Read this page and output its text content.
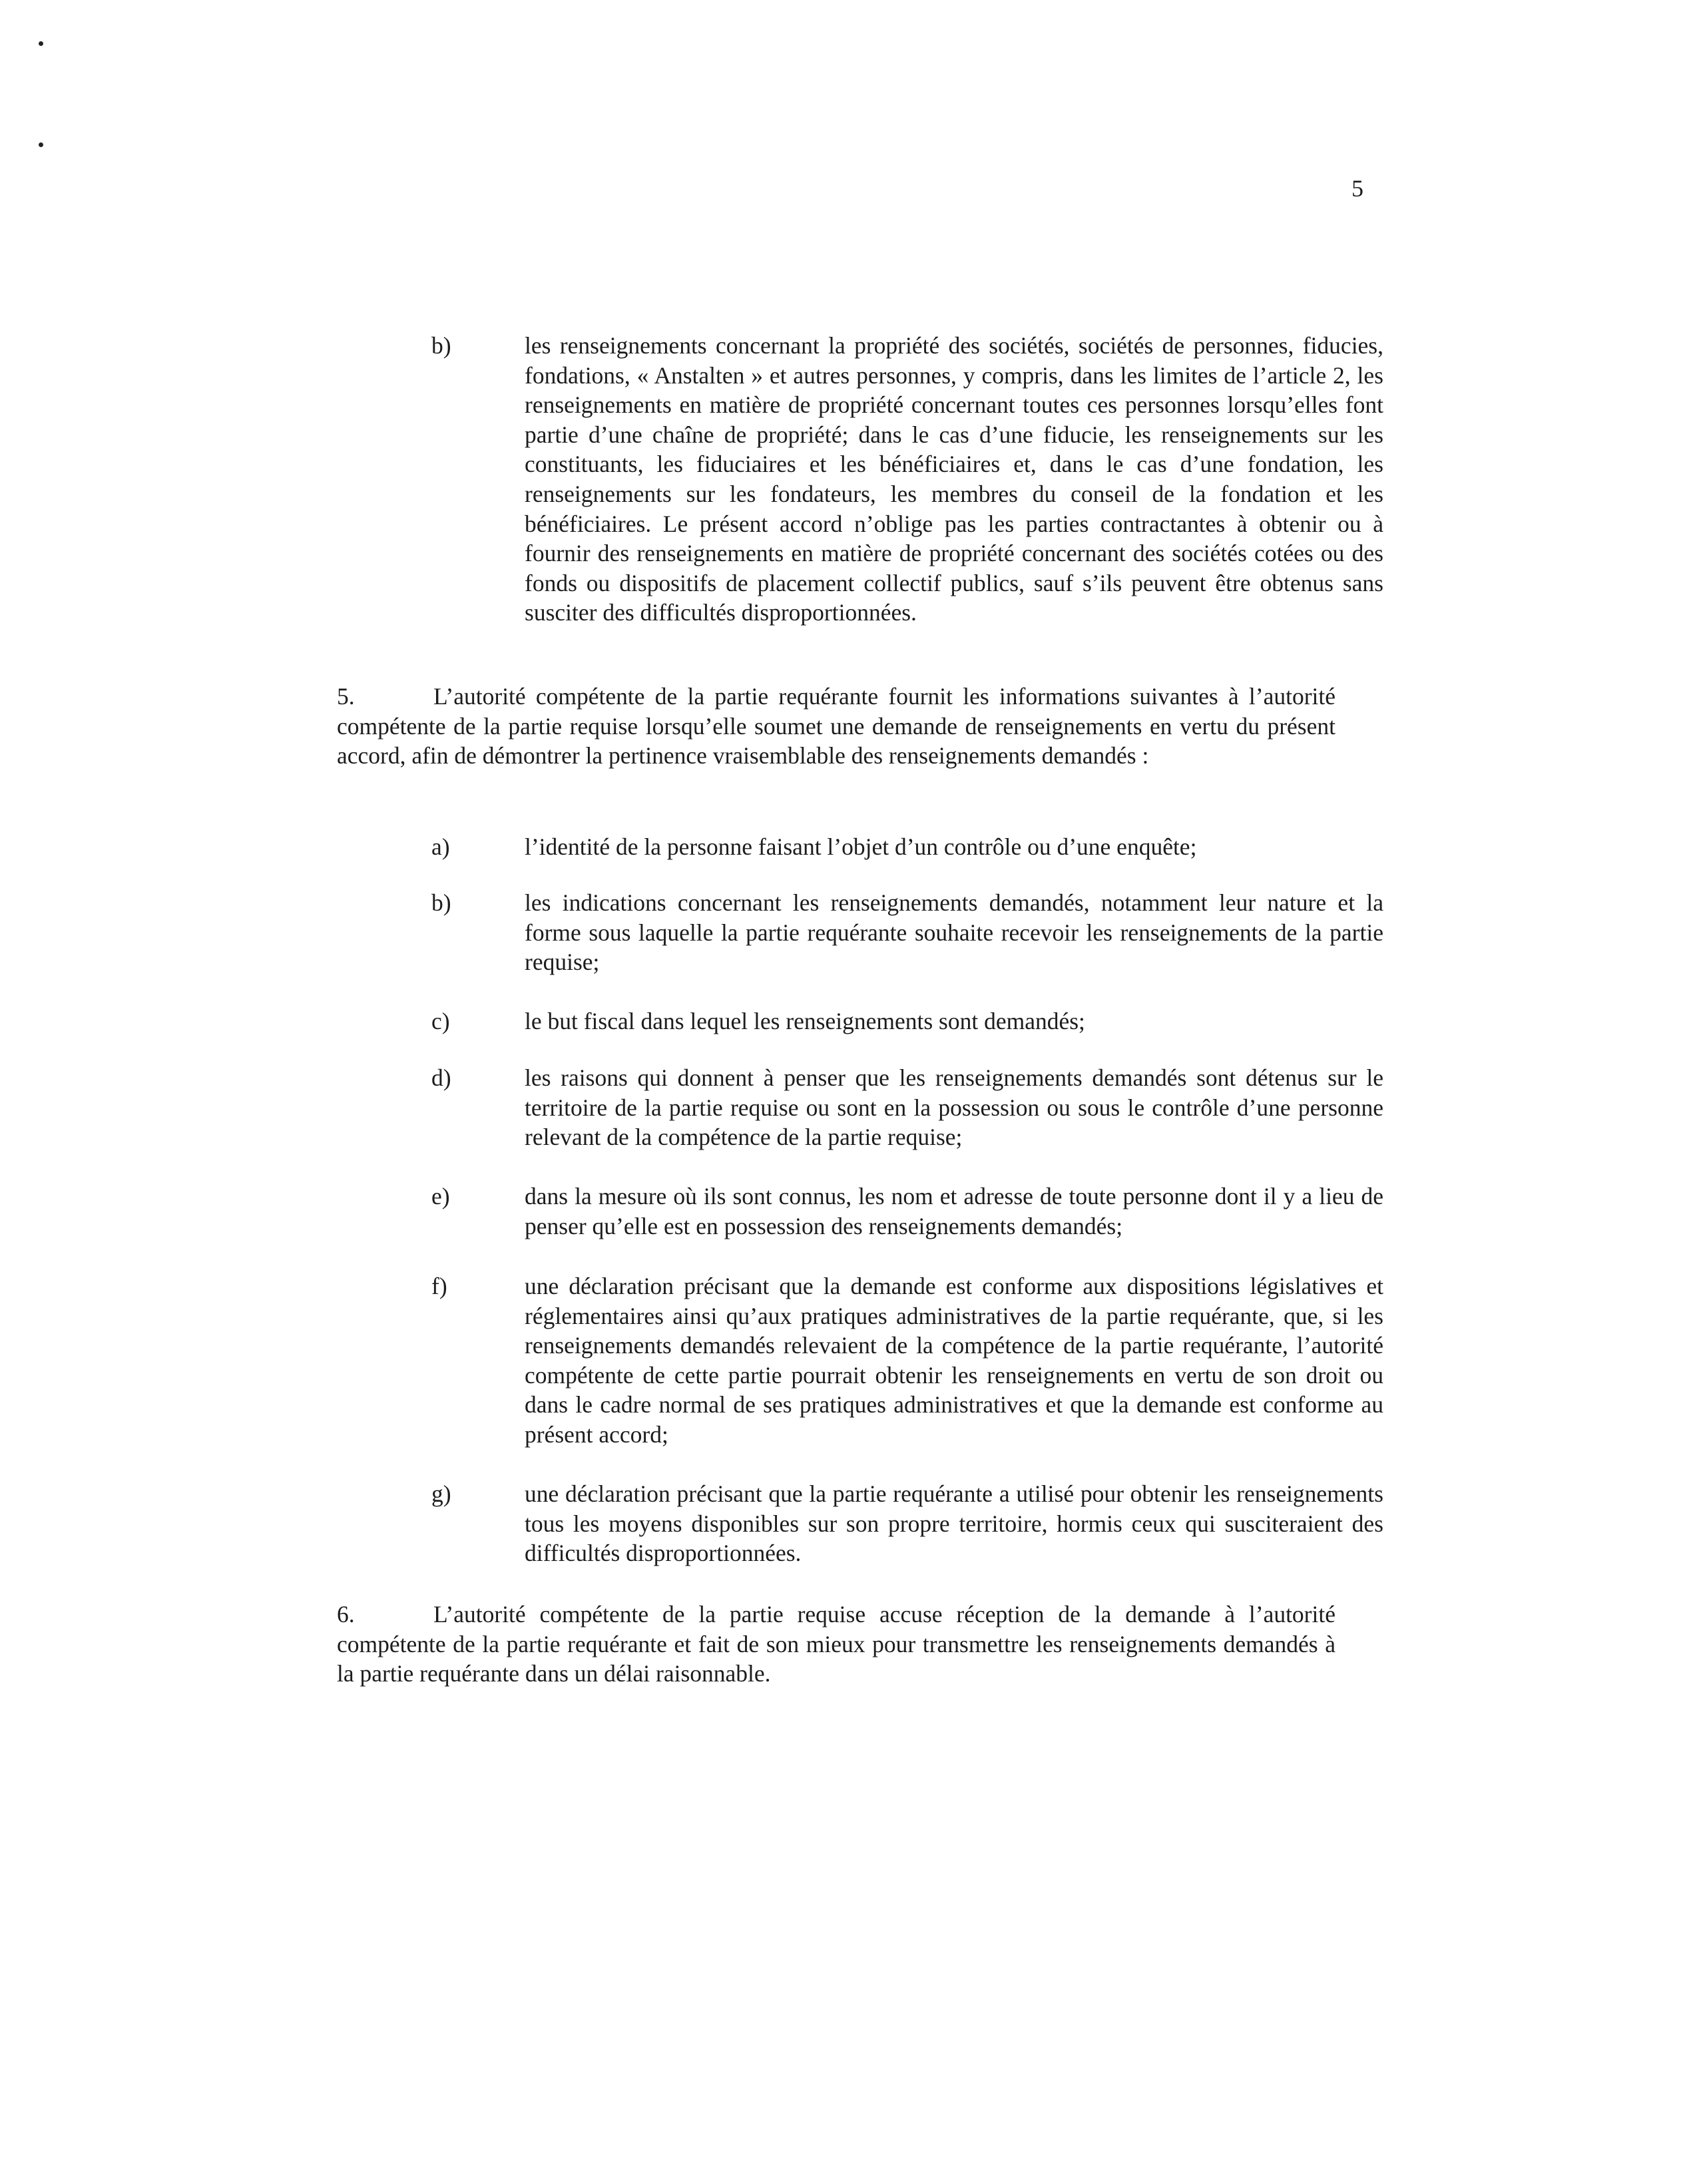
5
b)	les renseignements concernant la propriété des sociétés, sociétés de personnes, fiducies, fondations, « Anstalten » et autres personnes, y compris, dans les limites de l’article 2, les renseignements en matière de propriété concernant toutes ces personnes lorsqu’elles font partie d’une chaîne de propriété; dans le cas d’une fiducie, les renseignements sur les constituants, les fiduciaires et les bénéficiaires et, dans le cas d’une fondation, les renseignements sur les fondateurs, les membres du conseil de la fondation et les bénéficiaires. Le présent accord n’oblige pas les parties contractantes à obtenir ou à fournir des renseignements en matière de propriété concernant des sociétés cotées ou des fonds ou dispositifs de placement collectif publics, sauf s’ils peuvent être obtenus sans susciter des difficultés disproportionnées.
5.	L’autorité compétente de la partie requérante fournit les informations suivantes à l’autorité compétente de la partie requise lorsqu’elle soumet une demande de renseignements en vertu du présent accord, afin de démontrer la pertinence vraisemblable des renseignements demandés :
a)	l’identité de la personne faisant l’objet d’un contrôle ou d’une enquête;
b)	les indications concernant les renseignements demandés, notamment leur nature et la forme sous laquelle la partie requérante souhaite recevoir les renseignements de la partie requise;
c)	le but fiscal dans lequel les renseignements sont demandés;
d)	les raisons qui donnent à penser que les renseignements demandés sont détenus sur le territoire de la partie requise ou sont en la possession ou sous le contrôle d’une personne relevant de la compétence de la partie requise;
e)	dans la mesure où ils sont connus, les nom et adresse de toute personne dont il y a lieu de penser qu’elle est en possession des renseignements demandés;
f)	une déclaration précisant que la demande est conforme aux dispositions législatives et réglementaires ainsi qu’aux pratiques administratives de la partie requérante, que, si les renseignements demandés relevaient de la compétence de la partie requérante, l’autorité compétente de cette partie pourrait obtenir les renseignements en vertu de son droit ou dans le cadre normal de ses pratiques administratives et que la demande est conforme au présent accord;
g)	une déclaration précisant que la partie requérante a utilisé pour obtenir les renseignements tous les moyens disponibles sur son propre territoire, hormis ceux qui susciteraient des difficultés disproportionnées.
6.	L’autorité compétente de la partie requise accuse réception de la demande à l’autorité compétente de la partie requérante et fait de son mieux pour transmettre les renseignements demandés à la partie requérante dans un délai raisonnable.
